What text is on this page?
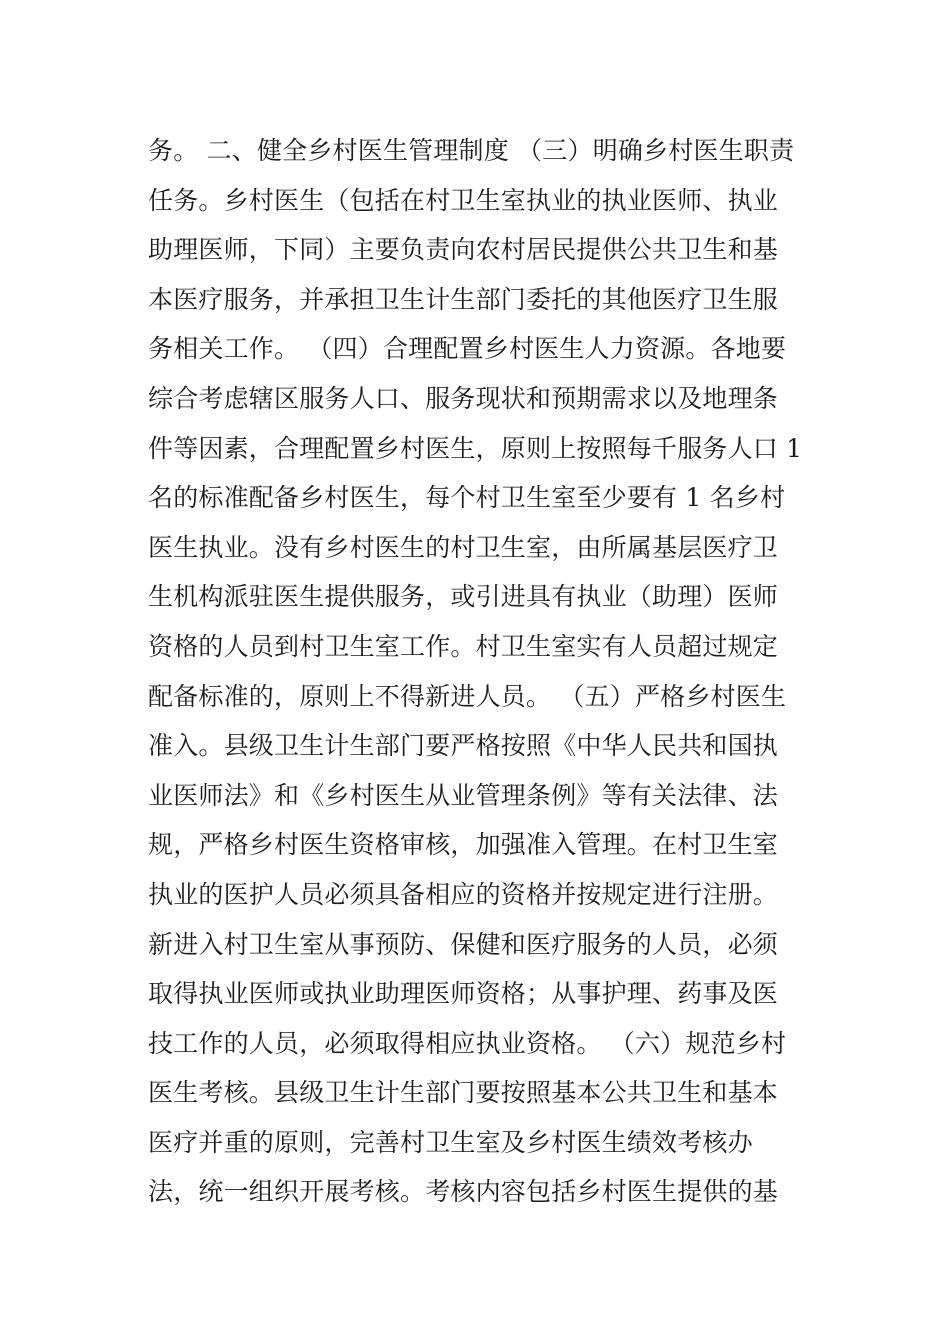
务。 二、健全乡村医生管理制度 （三）明确乡村医生职责
任务。乡村医生（包括在村卫生室执业的执业医师、执业
助理医师，下同）主要负责向农村居民提供公共卫生和基
本医疗服务，并承担卫生计生部门委托的其他医疗卫生服
务相关工作。 （四）合理配置乡村医生人力资源。各地要
综合考虑辖区服务人口、服务现状和预期需求以及地理条
件等因素，合理配置乡村医生，原则上按照每千服务人口 1
名的标准配备乡村医生，每个村卫生室至少要有 1 名乡村
医生执业。没有乡村医生的村卫生室，由所属基层医疗卫
生机构派驻医生提供服务，或引进具有执业（助理）医师
资格的人员到村卫生室工作。村卫生室实有人员超过规定
配备标准的，原则上不得新进人员。 （五）严格乡村医生
准入。县级卫生计生部门要严格按照《中华人民共和国执
业医师法》和《乡村医生从业管理条例》等有关法律、法
规，严格乡村医生资格审核，加强准入管理。在村卫生室
执业的医护人员必须具备相应的资格并按规定进行注册。
新进入村卫生室从事预防、保健和医疗服务的人员，必须
取得执业医师或执业助理医师资格；从事护理、药事及医
技工作的人员，必须取得相应执业资格。 （六）规范乡村
医生考核。县级卫生计生部门要按照基本公共卫生和基本
医疗并重的原则，完善村卫生室及乡村医生绩效考核办
法，统一组织开展考核。考核内容包括乡村医生提供的基
